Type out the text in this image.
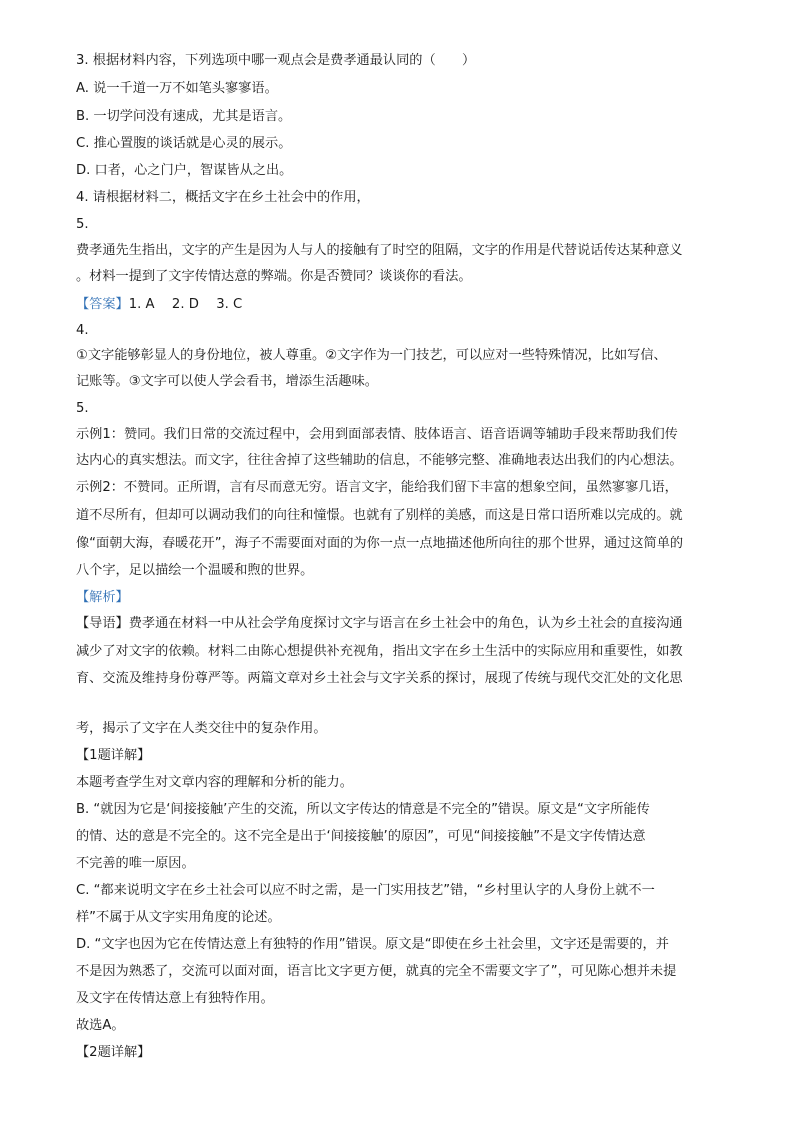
3. 根据材料内容，下列选项中哪一观点会是费孝通最认同的（　　）
A. 说一千道一万不如笔头寥寥语。
B. 一切学问没有速成，尤其是语言。
C. 推心置腹的谈话就是心灵的展示。
D. 口者，心之门户，智谋皆从之出。
4. 请根据材料二，概括文字在乡土社会中的作用，
5.
费孝通先生指出，文字的产生是因为人与人的接触有了时空的阻隔，文字的作用是代替说话传达某种意义
。材料一提到了文字传情达意的弊端。你是否赞同？谈谈你的看法。
【答案】1. A　 2. D　 3. C
4.
①文字能够彰显人的身份地位，被人尊重。②文字作为一门技艺，可以应对一些特殊情况，比如写信、
记账等。③文字可以使人学会看书，增添生活趣味。
5.
示例1：赞同。我们日常的交流过程中，会用到面部表情、肢体语言、语音语调等辅助手段来帮助我们传
达内心的真实想法。而文字，往往舍掉了这些辅助的信息，不能够完整、准确地表达出我们的内心想法。
示例2：不赞同。正所谓，言有尽而意无穷。语言文字，能给我们留下丰富的想象空间，虽然寥寥几语，
道不尽所有，但却可以调动我们的向往和憧憬。也就有了别样的美感，而这是日常口语所难以完成的。就
像“面朝大海，春暖花开”，海子不需要面对面的为你一点一点地描述他所向往的那个世界，通过这简单的
八个字，足以描绘一个温暖和煦的世界。
【解析】
【导语】费孝通在材料一中从社会学角度探讨文字与语言在乡土社会中的角色，认为乡土社会的直接沟通
减少了对文字的依赖。材料二由陈心想提供补充视角，指出文字在乡土生活中的实际应用和重要性，如教
育、交流及维持身份尊严等。两篇文章对乡土社会与文字关系的探讨，展现了传统与现代交汇处的文化思
考，揭示了文字在人类交往中的复杂作用。
【1题详解】
本题考查学生对文章内容的理解和分析的能力。
B. “就因为它是‘间接接触’产生的交流，所以文字传达的情意是不完全的”错误。原文是“文字所能传
的情、达的意是不完全的。这不完全是出于‘间接接触’的原因”，可见“间接接触”不是文字传情达意
不完善的唯一原因。
C. “都来说明文字在乡土社会可以应不时之需，是一门实用技艺”错，“乡村里认字的人身份上就不一
样”不属于从文字实用角度的论述。
D. “文字也因为它在传情达意上有独特的作用”错误。原文是“即使在乡土社会里，文字还是需要的，并
不是因为熟悉了，交流可以面对面，语言比文字更方便，就真的完全不需要文字了”，可见陈心想并未提
及文字在传情达意上有独特作用。
故选A。
【2题详解】
